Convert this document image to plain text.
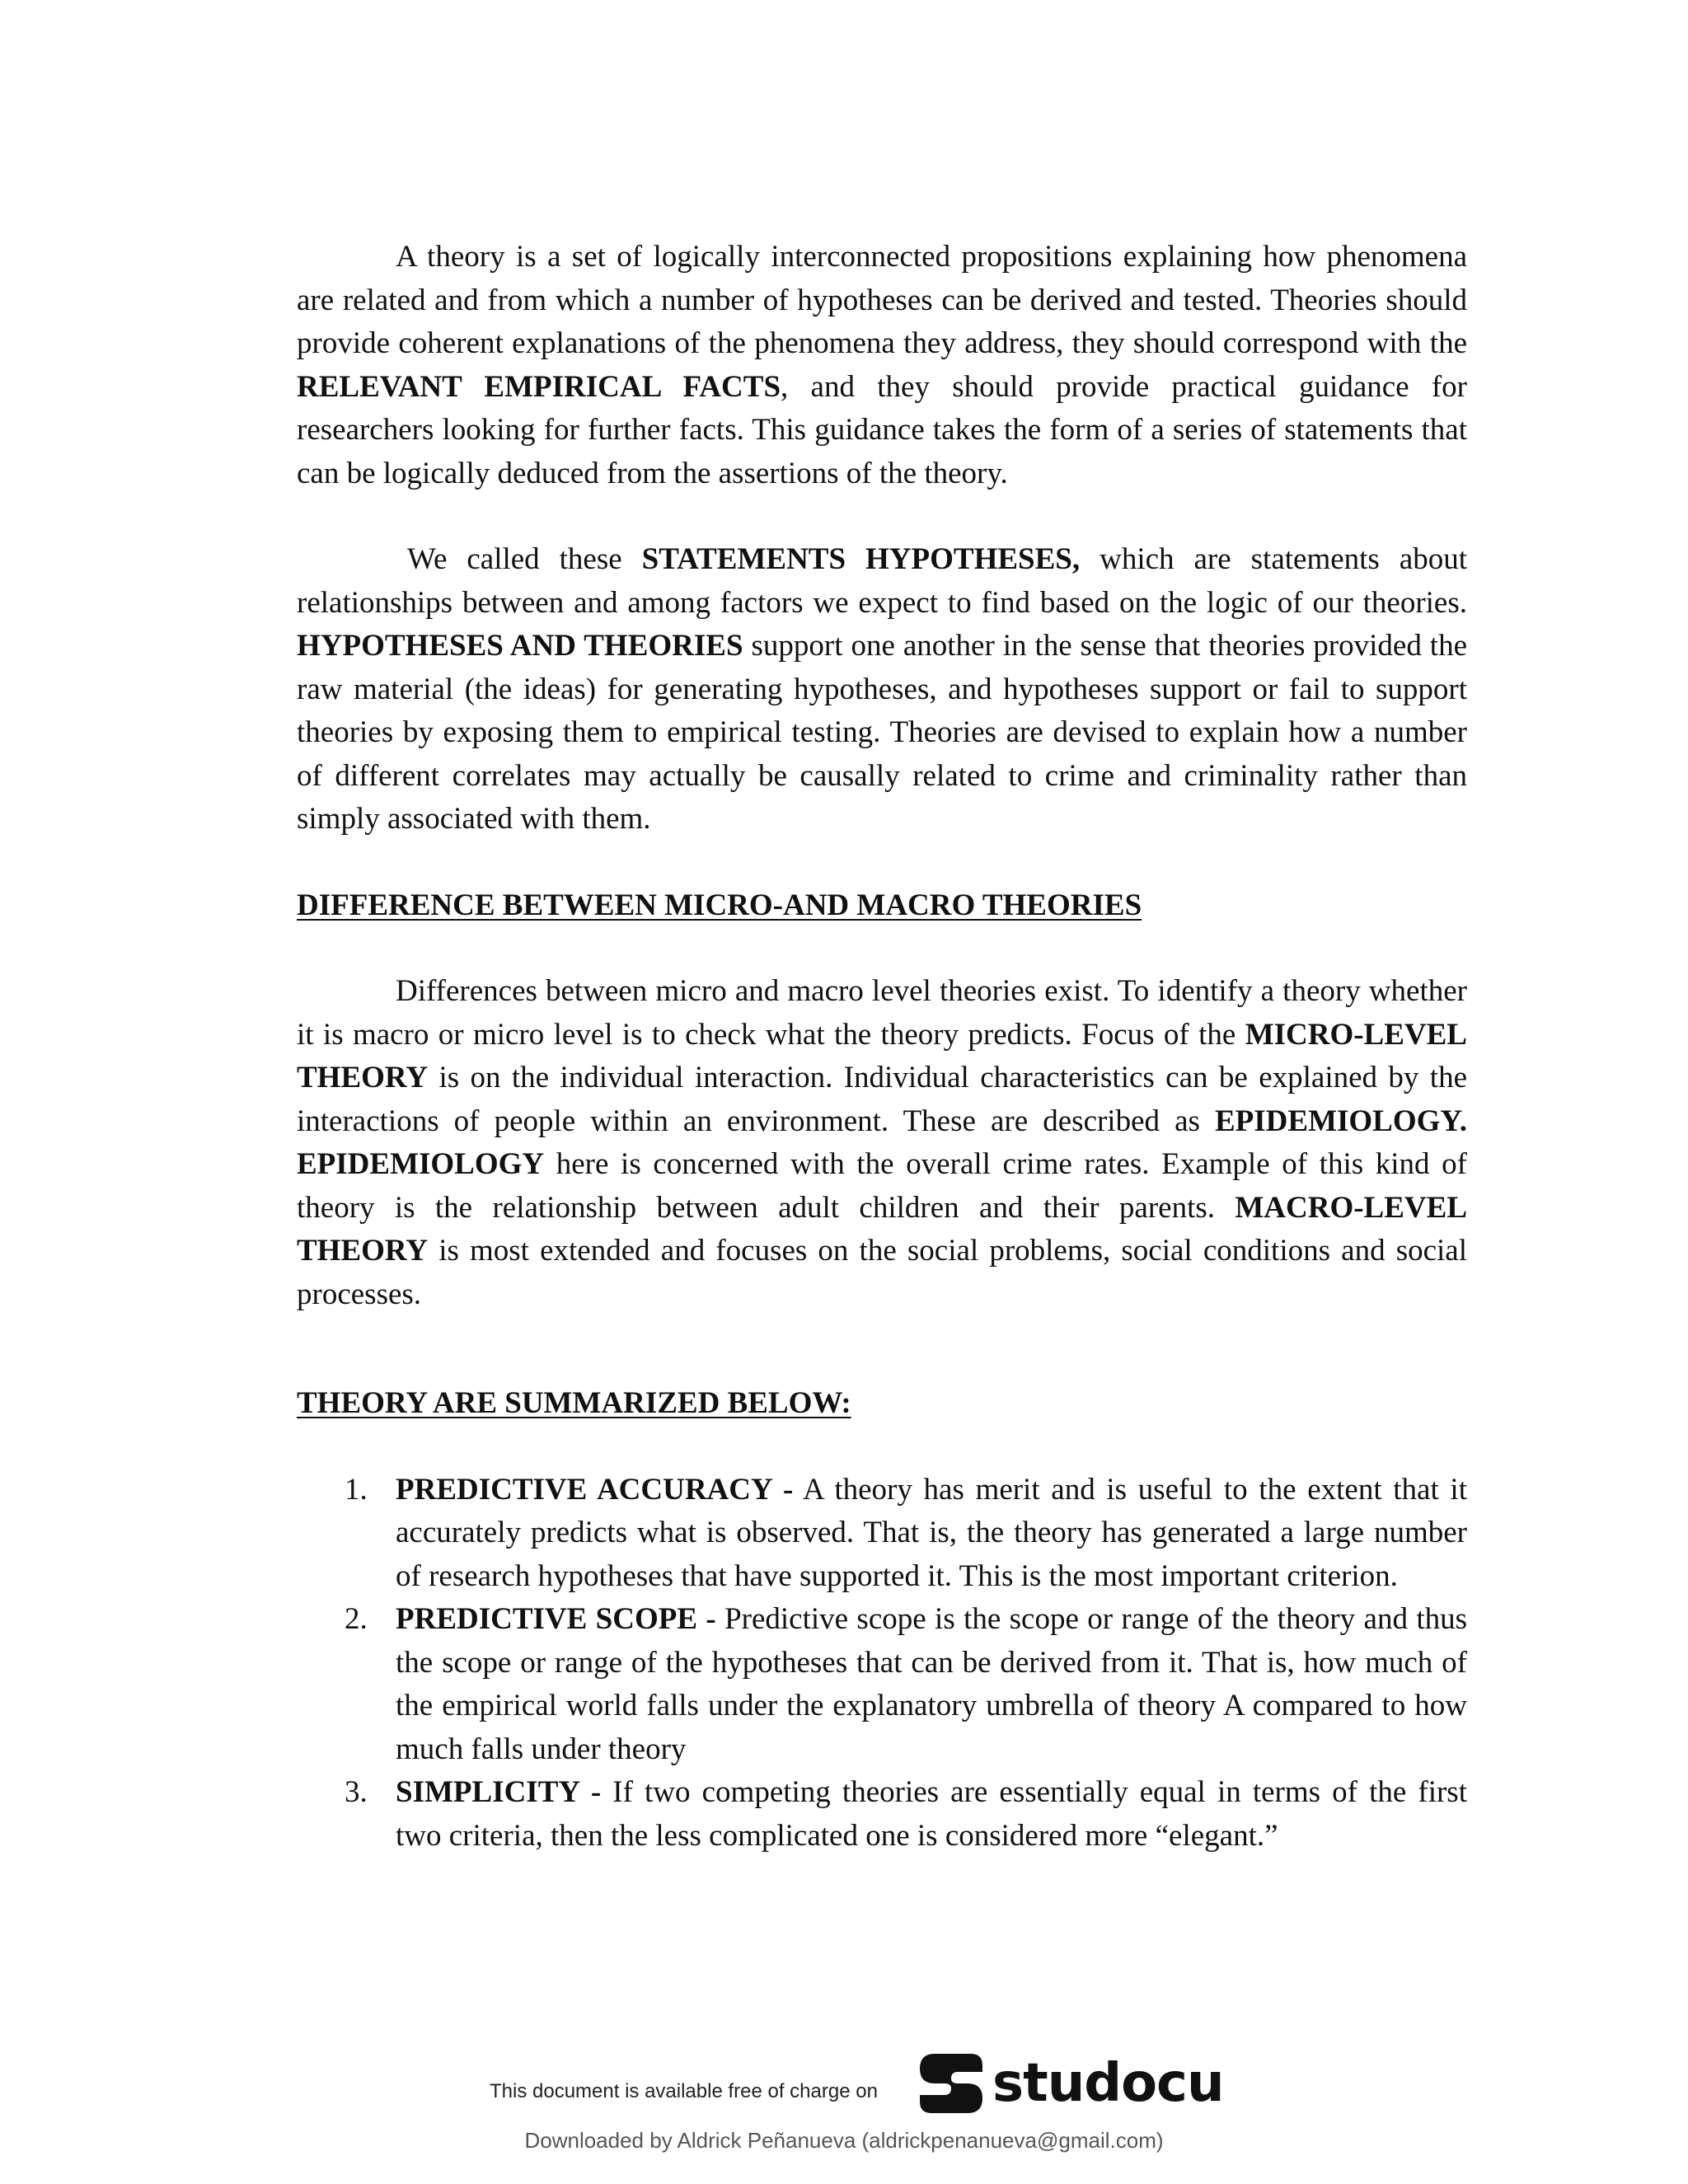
A theory is a set of logically interconnected propositions explaining how phenomena are related and from which a number of hypotheses can be derived and tested. Theories should provide coherent explanations of the phenomena they address, they should correspond with the RELEVANT EMPIRICAL FACTS, and they should provide practical guidance for researchers looking for further facts. This guidance takes the form of a series of statements that can be logically deduced from the assertions of the theory.

We called these STATEMENTS HYPOTHESES, which are statements about relationships between and among factors we expect to find based on the logic of our theories. HYPOTHESES AND THEORIES support one another in the sense that theories provided the raw material (the ideas) for generating hypotheses, and hypotheses support or fail to support theories by exposing them to empirical testing. Theories are devised to explain how a number of different correlates may actually be causally related to crime and criminality rather than simply associated with them.

DIFFERENCE BETWEEN MICRO-AND MACRO THEORIES

Differences between micro and macro level theories exist. To identify a theory whether it is macro or micro level is to check what the theory predicts. Focus of the MICRO-LEVEL THEORY is on the individual interaction. Individual characteristics can be explained by the interactions of people within an environment. These are described as EPIDEMIOLOGY. EPIDEMIOLOGY here is concerned with the overall crime rates. Example of this kind of theory is the relationship between adult children and their parents. MACRO-LEVEL THEORY is most extended and focuses on the social problems, social conditions and social processes.

THEORY ARE SUMMARIZED BELOW:

1. PREDICTIVE ACCURACY - A theory has merit and is useful to the extent that it accurately predicts what is observed. That is, the theory has generated a large number of research hypotheses that have supported it. This is the most important criterion.
2. PREDICTIVE SCOPE - Predictive scope is the scope or range of the theory and thus the scope or range of the hypotheses that can be derived from it. That is, how much of the empirical world falls under the explanatory umbrella of theory A compared to how much falls under theory
3. SIMPLICITY - If two competing theories are essentially equal in terms of the first two criteria, then the less complicated one is considered more “elegant.”
This document is available free of charge on studocu
Downloaded by Aldrick Peñanueva (aldrickpenanueva@gmail.com)
